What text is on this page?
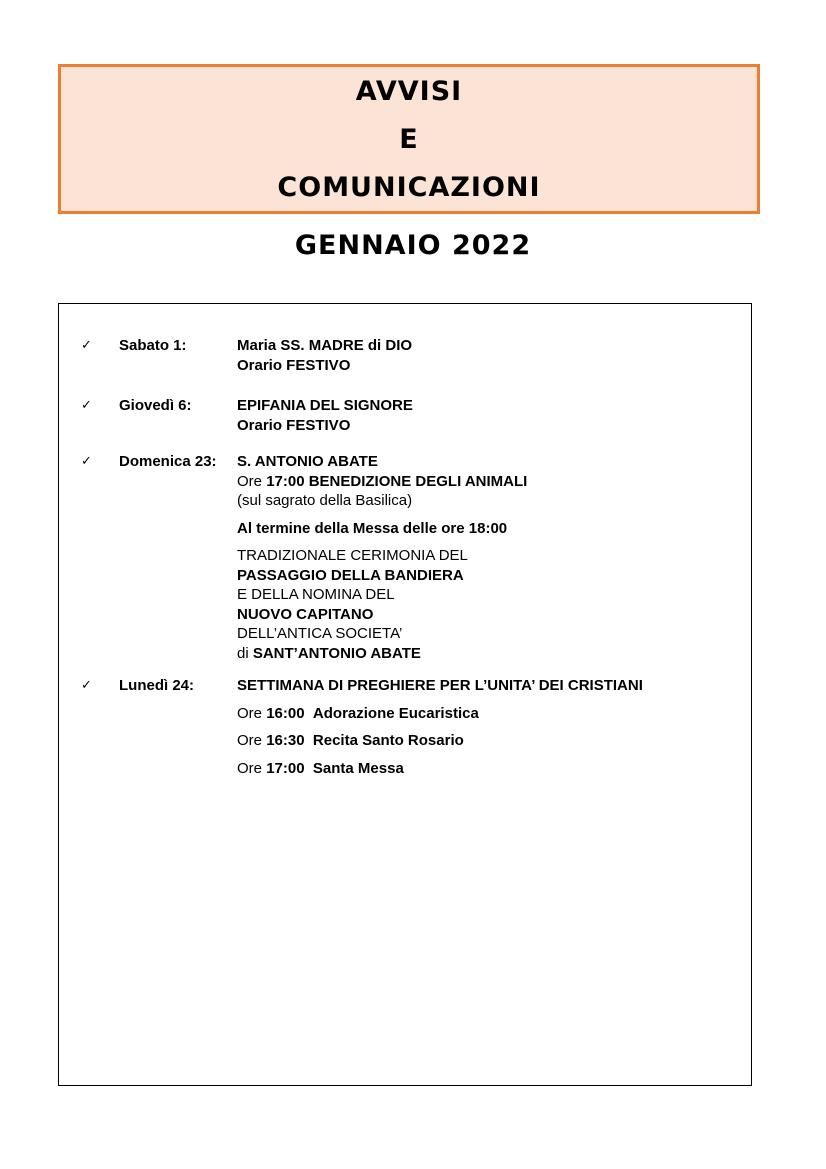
AVVISI
E
COMUNICAZIONI
GENNAIO 2022
✓ Sabato 1:	Maria SS. MADRE di DIO
Orario FESTIVO
✓ Giovedì 6:	EPIFANIA DEL SIGNORE
Orario FESTIVO
✓ Domenica 23: S. ANTONIO ABATE
Ore 17:00 BENEDIZIONE DEGLI ANIMALI
(sul sagrato della Basilica)
Al termine della Messa delle ore 18:00
TRADIZIONALE CERIMONIA DEL
PASSAGGIO DELLA BANDIERA
E DELLA NOMINA DEL
NUOVO CAPITANO
DELL’ANTICA SOCIETA’
di SANT’ANTONIO ABATE
✓ Lunedì 24:	SETTIMANA DI PREGHIERE PER L’UNITA’ DEI CRISTIANI
Ore 16:00 Adorazione Eucaristica
Ore 16:30 Recita Santo Rosario
Ore 17:00 Santa Messa
